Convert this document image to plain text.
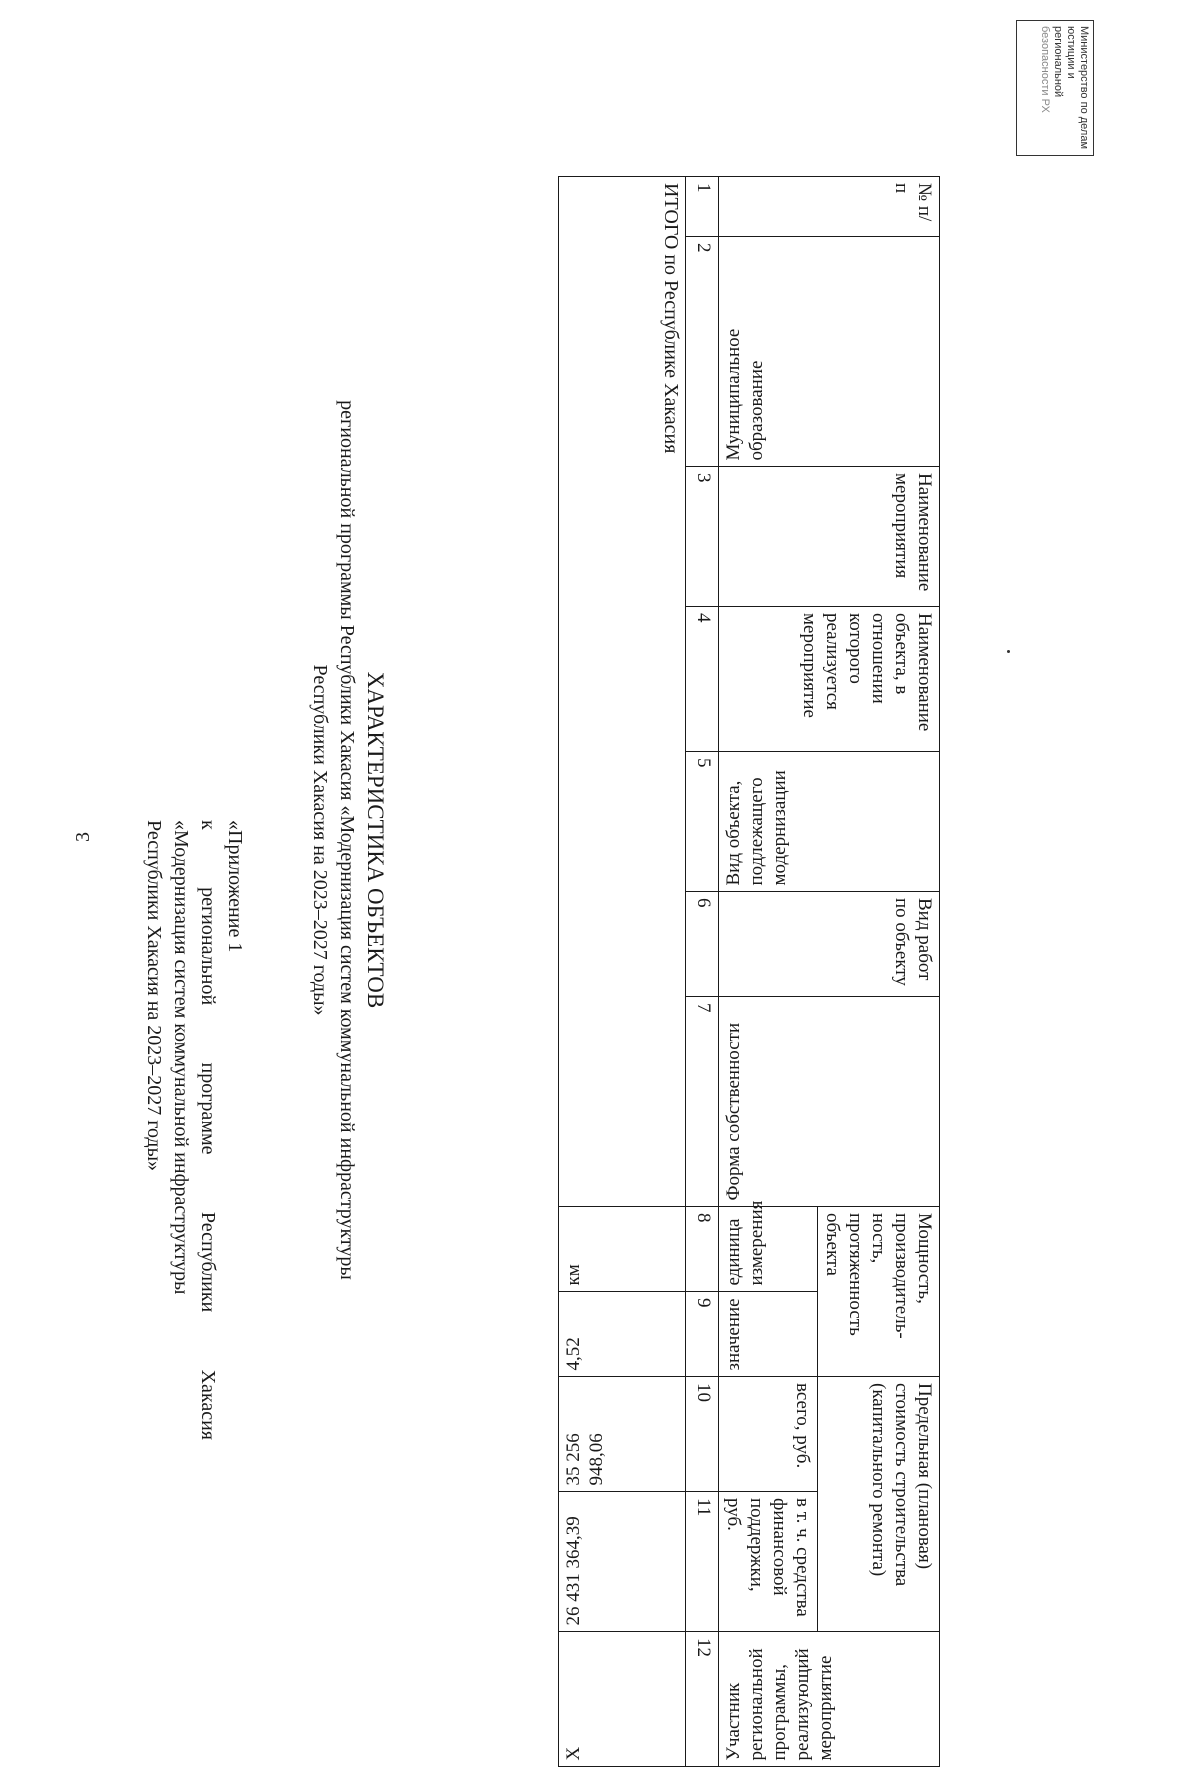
3	«Приложение 1
к региональной программе Республики Хакасия
«Модернизация систем коммунальной инфраструктуры
Республики Хакасия на 2023–2027 годы»	ХАРАКТЕРИСТИКА ОБЪЕКТОВ
региональной программы Республики Хакасия «Модернизация систем коммунальной инфраструктуры
Республики Хакасия на 2023–2027 годы»
№ п/п	Муниципальное образование	Наименование мероприятия	Наименование объекта, в отношении которого реализуется мероприятие	Вид объекта, подлежащего модернизации	Вид работ по объекту	Форма собственности	Мощность, производитель-ность, протяженность объекта		Предельная (плановая) стоимость строительства (капитального ремонта)		Участник региональной программы, реализующий мероприятие
							единица измерения	значение	всего, руб.	в т. ч. средства финансовой поддержки, руб.	
1	2	3	4	5	6	7	8	9	10	11	12
ИТОГО по Республике Хакасия							км	4,52	35 256 948,06	26 431 364,39	Х
Министерство по делам
юстиции и региональной
безопасности РХ
